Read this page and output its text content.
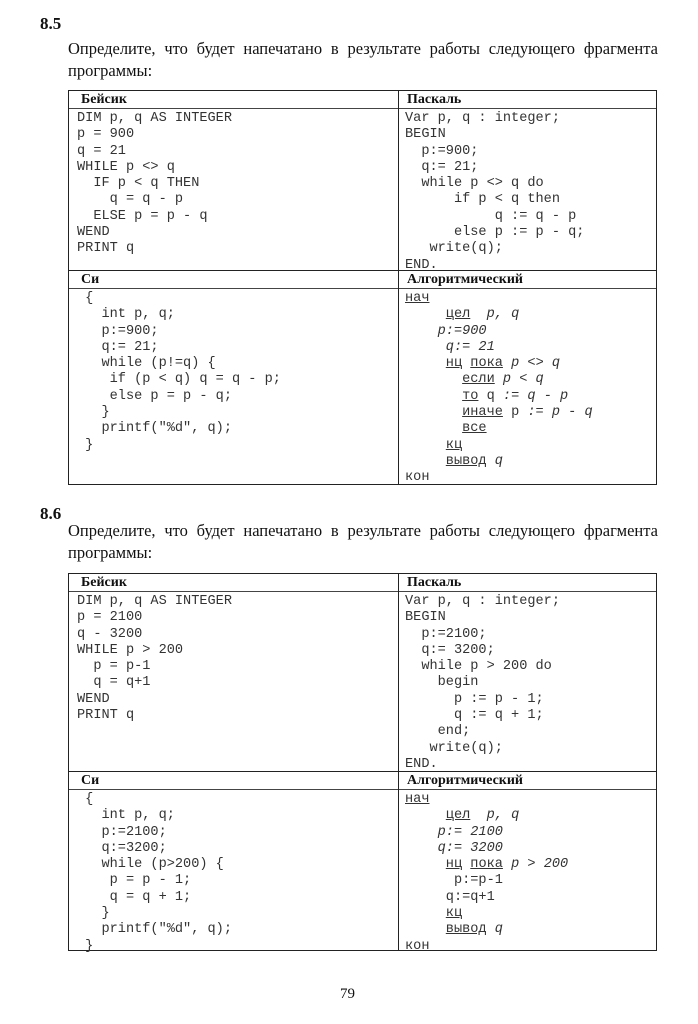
8.5
Определите, что будет напечатано в результате работы следующего фрагмента программы:
Бейсик
DIM p, q AS INTEGER
p = 900
q = 21
WHILE p <> q
IF p < q THEN
q = q - p
ELSE p = p - q
WEND
PRINT q
Паскаль
Var p, q : integer;
BEGIN
p:=900;
q:= 21;
while p <> q do
if p < q then
q := q - p
else p := p - q;
write(q);
END.
Си
{
int p, q;
p:=900;
q:= 21;
while (p!=q) {
if (p < q) q = q - p;
else p = p - q;
}
printf("%d", q);
}
Алгоритмический
нач
цел  p, q
p:=900
q:= 21
нц пока p <> q
если p < q
то q := q - p
иначе p := p - q
все
кц
вывод q
кон
8.6
Определите, что будет напечатано в результате работы следующего фрагмента программы:
Бейсик
DIM p, q AS INTEGER
p = 2100
q - 3200
WHILE p > 200
p = p-1
q = q+1
WEND
PRINT q
Паскаль
Var p, q : integer;
BEGIN
p:=2100;
q:= 3200;
while p > 200 do
begin
p := p - 1;
q := q + 1;
end;
write(q);
END.
Си
{
int p, q;
p:=2100;
q:=3200;
while (p>200) {
p = p - 1;
q = q + 1;
}
printf("%d", q);
}
Алгоритмический
нач
цел  p, q
p:= 2100
q:= 3200
нц пока p > 200
p:=p-1
q:=q+1
кц
вывод q
кон
79
